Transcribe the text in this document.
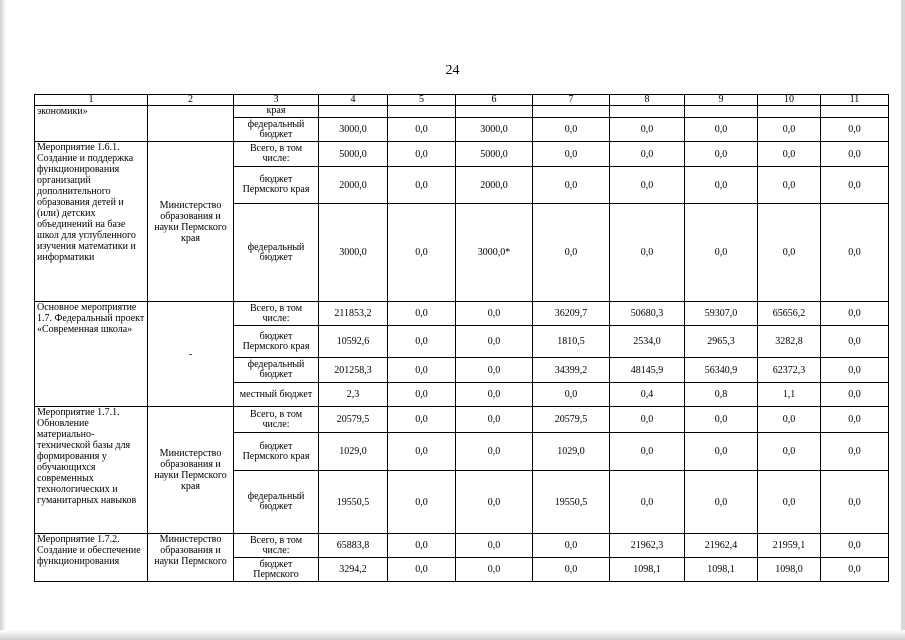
24
1	2	3	4	5	6	7	8	9	10	11
экономики»		края								
		федеральный бюджет	3000,0	0,0	3000,0	0,0	0,0	0,0	0,0	0,0
Мероприятие 1.6.1. Создание и поддержка функционирования организаций дополнительного образования детей и (или) детских объединений на базе школ для углубленного изучения математики и информатики	Министерство образования и науки Пермского края	Всего, в том числе:	5000,0	0,0	5000,0	0,0	0,0	0,0	0,0	0,0
		бюджет Пермского края	2000,0	0,0	2000,0	0,0	0,0	0,0	0,0	0,0
		федеральный бюджет	3000,0	0,0	3000,0*	0,0	0,0	0,0	0,0	0,0
Основное мероприятие 1.7. Федеральный проект «Современная школа»	-	Всего, в том числе:	211853,2	0,0	0,0	36209,7	50680,3	59307,0	65656,2	0,0
		бюджет Пермского края	10592,6	0,0	0,0	1810,5	2534,0	2965,3	3282,8	0,0
		федеральный бюджет	201258,3	0,0	0,0	34399,2	48145,9	56340,9	62372,3	0,0
		местный бюджет	2,3	0,0	0,0	0,0	0,4	0,8	1,1	0,0
Мероприятие 1.7.1. Обновление материально-технической базы для формирования у обучающихся современных технологических и гуманитарных навыков	Министерство образования и науки Пермского края	Всего, в том числе:	20579,5	0,0	0,0	20579,5	0,0	0,0	0,0	0,0
		бюджет Пермского края	1029,0	0,0	0,0	1029,0	0,0	0,0	0,0	0,0
		федеральный бюджет	19550,5	0,0	0,0	19550,5	0,0	0,0	0,0	0,0
Мероприятие 1.7.2. Создание и обеспечение функционирования	Министерство образования и науки Пермского	Всего, в том числе:	65883,8	0,0	0,0	0,0	21962,3	21962,4	21959,1	0,0
		бюджет Пермского	3294,2	0,0	0,0	0,0	1098,1	1098,1	1098,0	0,0
